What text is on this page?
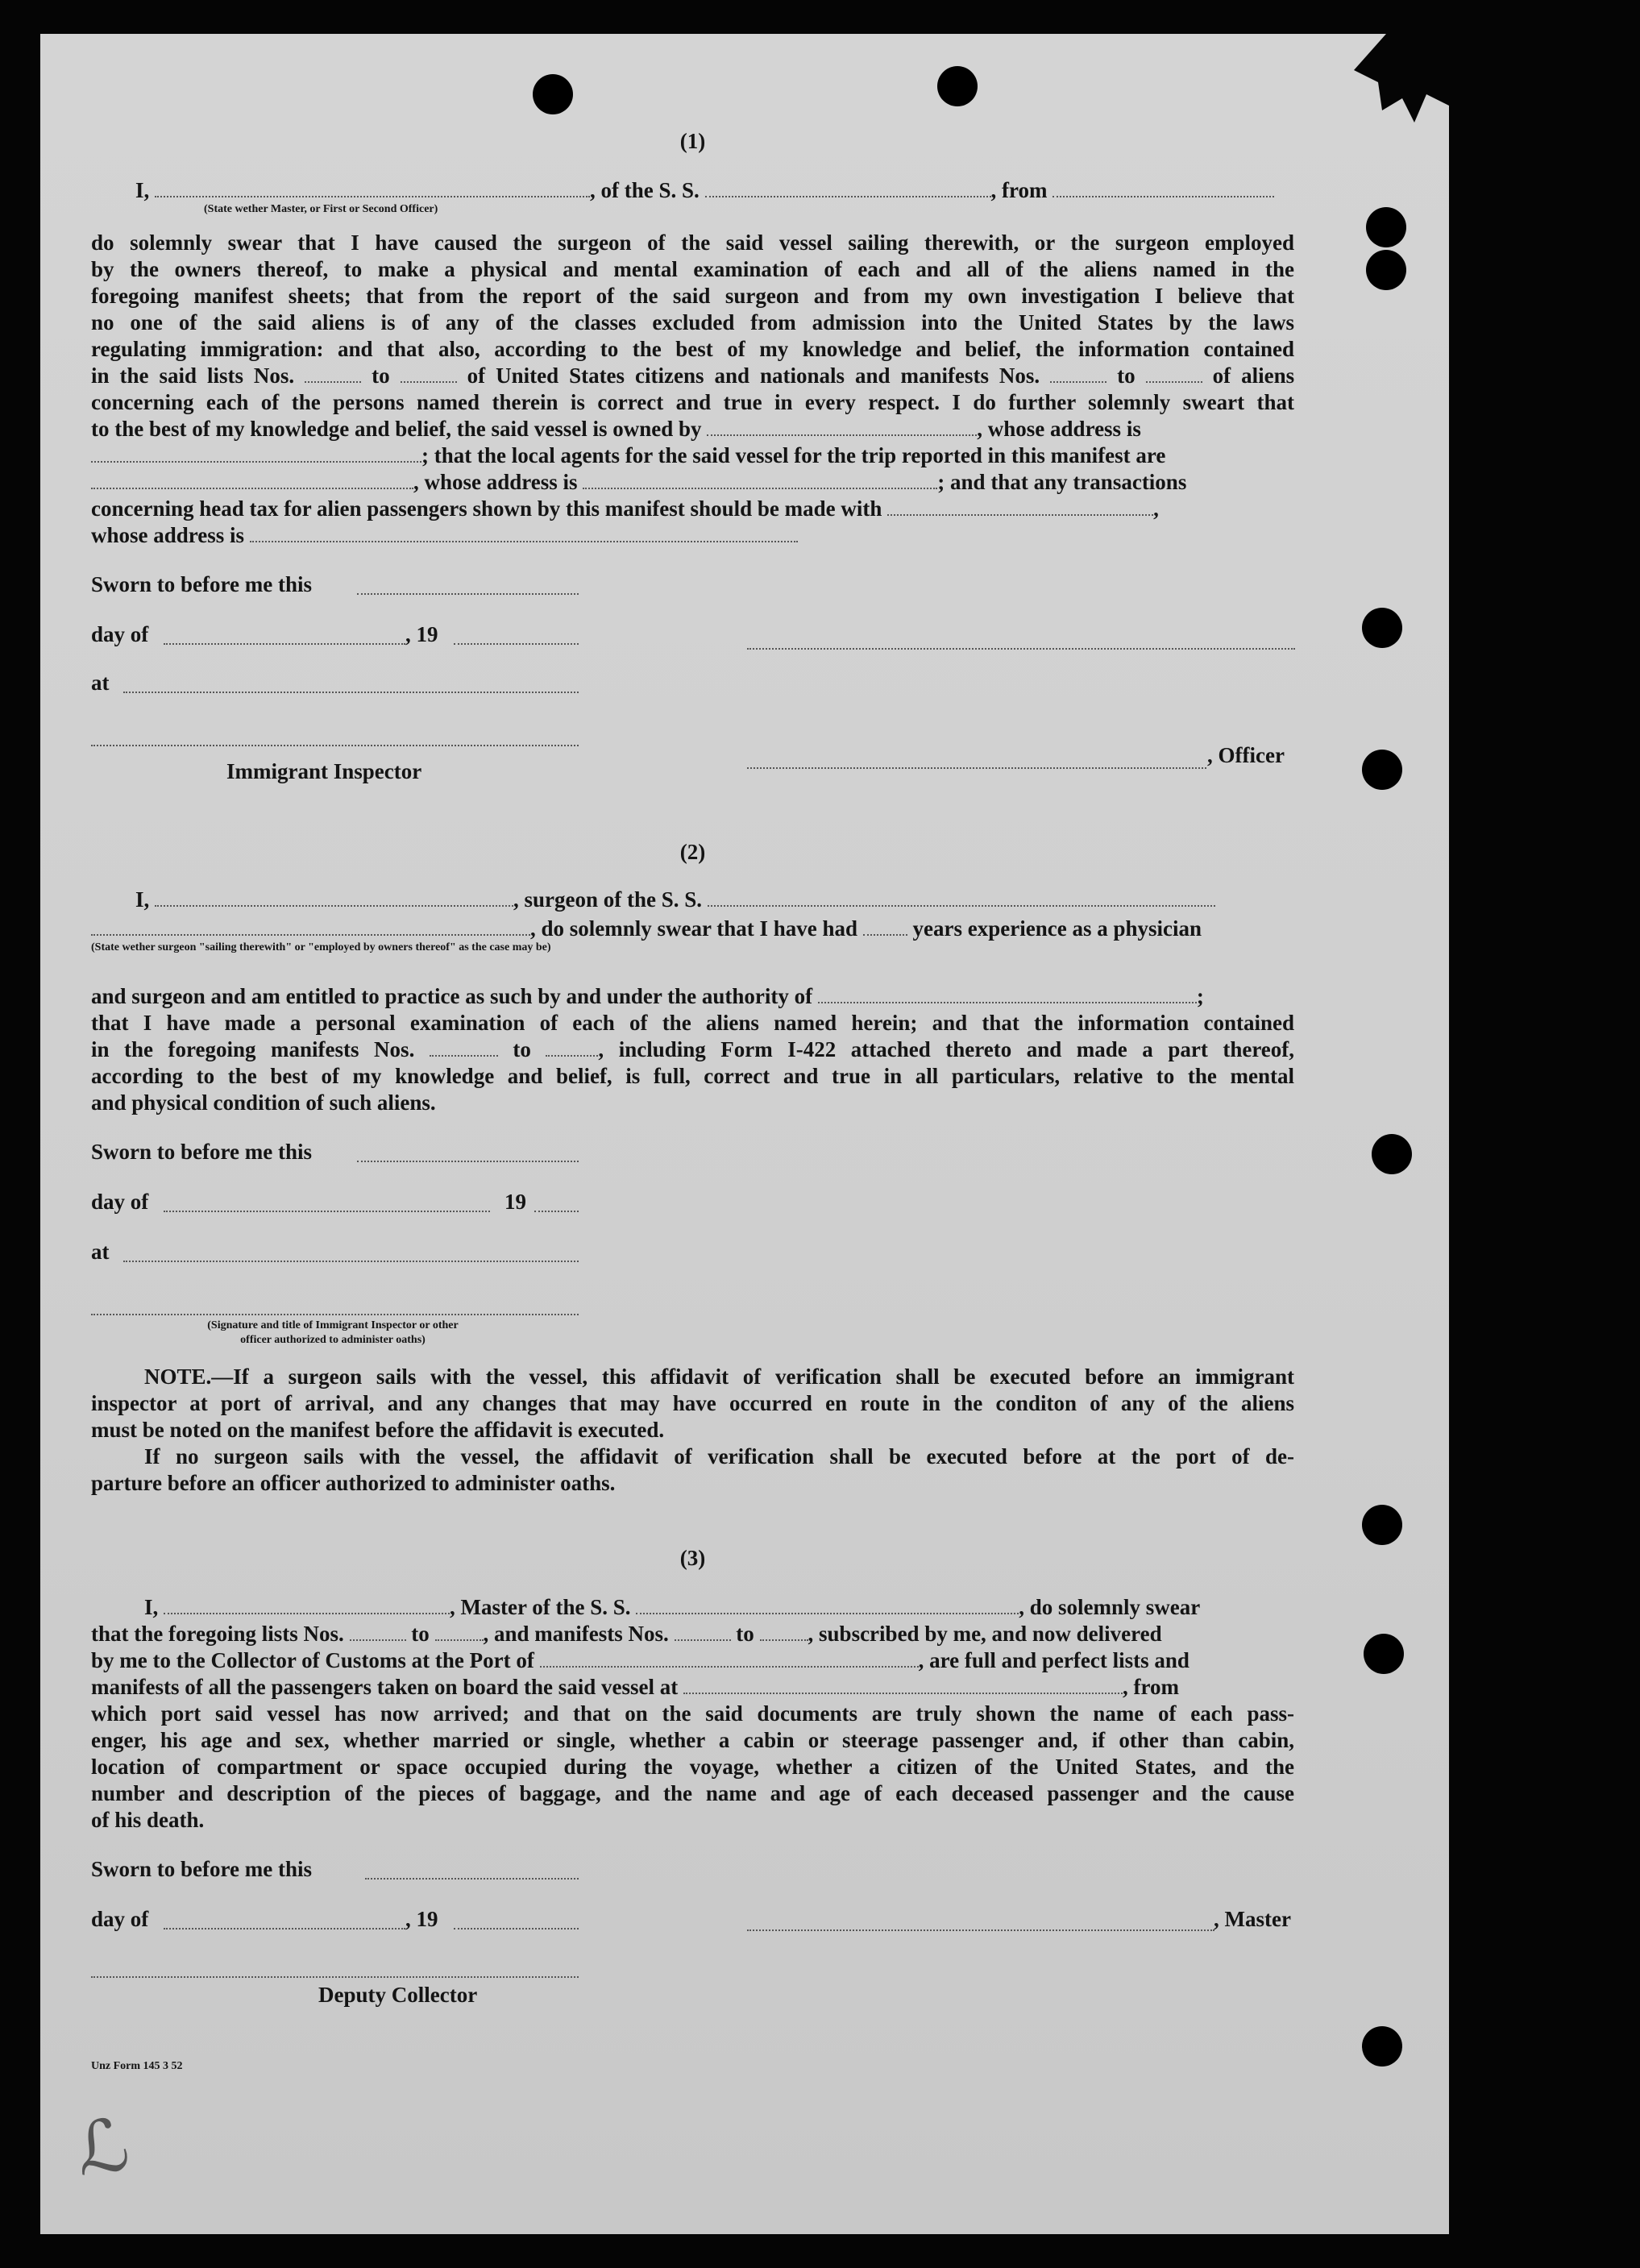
(1)
I,	, of the S. S.	, from
(State wether Master, or First or Second Officer)
do solemnly swear that I have caused the surgeon of the said vessel sailing therewith, or the surgeon employed
by the owners thereof, to make a physical and mental examination of each and all of the aliens named in the
foregoing manifest sheets; that from the report of the said surgeon and from my own investigation I believe that
no one of the said aliens is of any of the classes excluded from admission into the United States by the laws
regulating immigration: and that also, according to the best of my knowledge and belief, the information contained
in the said lists Nos.	to	of United States citizens and nationals and manifests Nos.	to	of aliens
concerning each of the persons named therein is correct and true in every respect. I do further solemnly sweart that
to the best of my knowledge and belief, the said vessel is owned by	, whose address is
; that the local agents for the said vessel for the trip reported in this manifest are
, whose address is	; and that any transactions
concerning head tax for alien passengers shown by this manifest should be made with	,
whose address is
Sworn to before me this
day of	, 19
at
Immigrant Inspector
, Officer
(2)
I,	, surgeon of the S. S.
, do solemnly swear that I have had	years experience as a physician
(State wether surgeon "sailing therewith" or "employed by owners thereof" as the case may be)
and surgeon and am entitled to practice as such by and under the authority of	;
that I have made a personal examination of each of the aliens named herein; and that the information contained
in the foregoing manifests Nos.	to	, including Form I-422 attached thereto and made a part thereof,
according to the best of my knowledge and belief, is full, correct and true in all particulars, relative to the mental
and physical condition of such aliens.
Sworn to before me this
day of	19
at
(Signature and title of Immigrant Inspector or other
officer authorized to administer oaths)
NOTE.—If a surgeon sails with the vessel, this affidavit of verification shall be executed before an immigrant
inspector at port of arrival, and any changes that may have occurred en route in the conditon of any of the aliens
must be noted on the manifest before the affidavit is executed.
If no surgeon sails with the vessel, the affidavit of verification shall be executed before at the port of de-
parture before an officer authorized to administer oaths.
(3)
I,	, Master of the S. S.	, do solemnly swear
that the foregoing lists Nos.	to , and manifests Nos.	to , subscribed by me, and now delivered
by me to the Collector of Customs at the Port of	, are full and perfect lists and
manifests of all the passengers taken on board the said vessel at	, from
which port said vessel has now arrived; and that on the said documents are truly shown the name of each pass-
enger, his age and sex, whether married or single, whether a cabin or steerage passenger and, if other than cabin,
location of compartment or space occupied during the voyage, whether a citizen of the United States, and the
number and description of the pieces of baggage, and the name and age of each deceased passenger and the cause
of his death.
Sworn to before me this
day of	, 19	, Master
Deputy Collector
Unz Form 145 3 52
ℒ
